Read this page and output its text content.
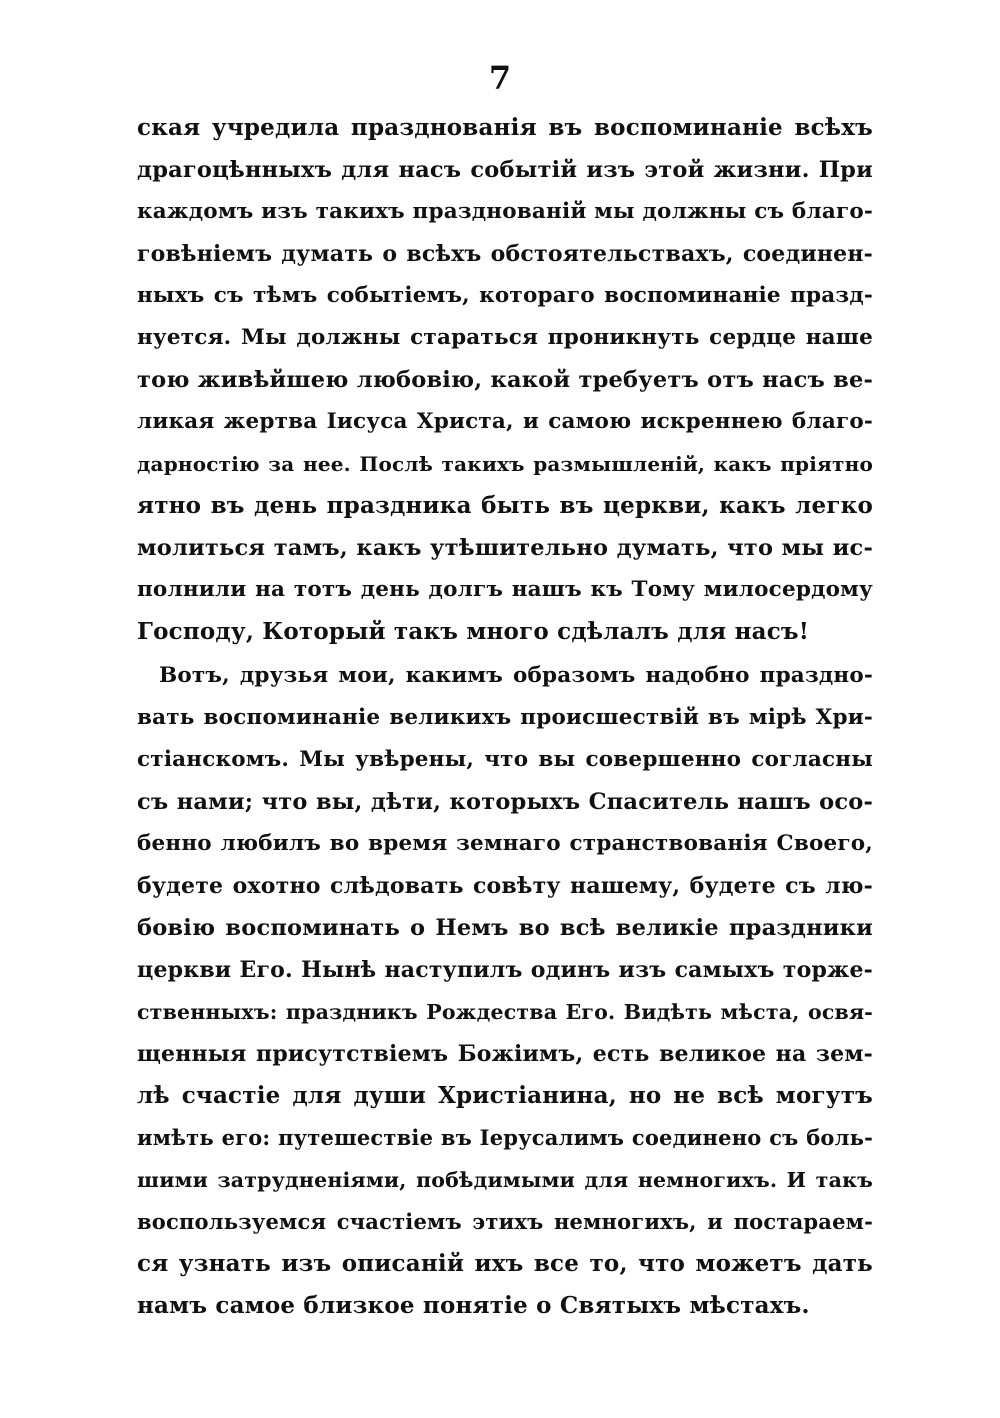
7
ская учредила празднованія въ воспоминаніе всѣхъ
драгоцѣнныхъ для насъ событій изъ этой жизни. При
каждомъ изъ такихъ празднованій мы должны съ благо-
говѣніемъ думать о всѣхъ обстоятельствахъ, соединен-
ныхъ съ тѣмъ событіемъ, котораго воспоминаніе празд-
нуется. Мы должны стараться проникнуть сердце наше
тою живѣйшею любовію, какой требуетъ отъ насъ ве-
ликая жертва Іисуса Христа, и самою искреннею благо-
дарностію за нее. Послѣ такихъ размышленій, какъ пріятно
ятно въ день праздника быть въ церкви, какъ легко
молиться тамъ, какъ утѣшительно думать, что мы ис-
полнили на тотъ день долгъ нашъ къ Тому милосердому
Господу, Который такъ много сдѣлалъ для насъ!
Вотъ, друзья мои, какимъ образомъ надобно праздно-
вать воспоминаніе великихъ происшествій въ мірѣ Хри-
стіанскомъ. Мы увѣрены, что вы совершенно согласны
съ нами; что вы, дѣти, которыхъ Спаситель нашъ осо-
бенно любилъ во время земнаго странствованія Своего,
будете охотно слѣдовать совѣту нашему, будете съ лю-
бовію воспоминать о Немъ во всѣ великіе праздники
церкви Его. Нынѣ наступилъ одинъ изъ самыхъ торже-
ственныхъ: праздникъ Рождества Его. Видѣть мѣста, освя-
щенныя присутствіемъ Божіимъ, есть великое на зем-
лѣ счастіе для души Христіанина, но не всѣ могутъ
имѣть его: путешествіе въ Іерусалимъ соединено съ боль-
шими затрудненіями, побѣдимыми для немногихъ. И такъ
воспользуемся счастіемъ этихъ немногихъ, и постараем-
ся узнать изъ описаній ихъ все то, что можетъ дать
намъ самое близкое понятіе о Святыхъ мѣстахъ.
